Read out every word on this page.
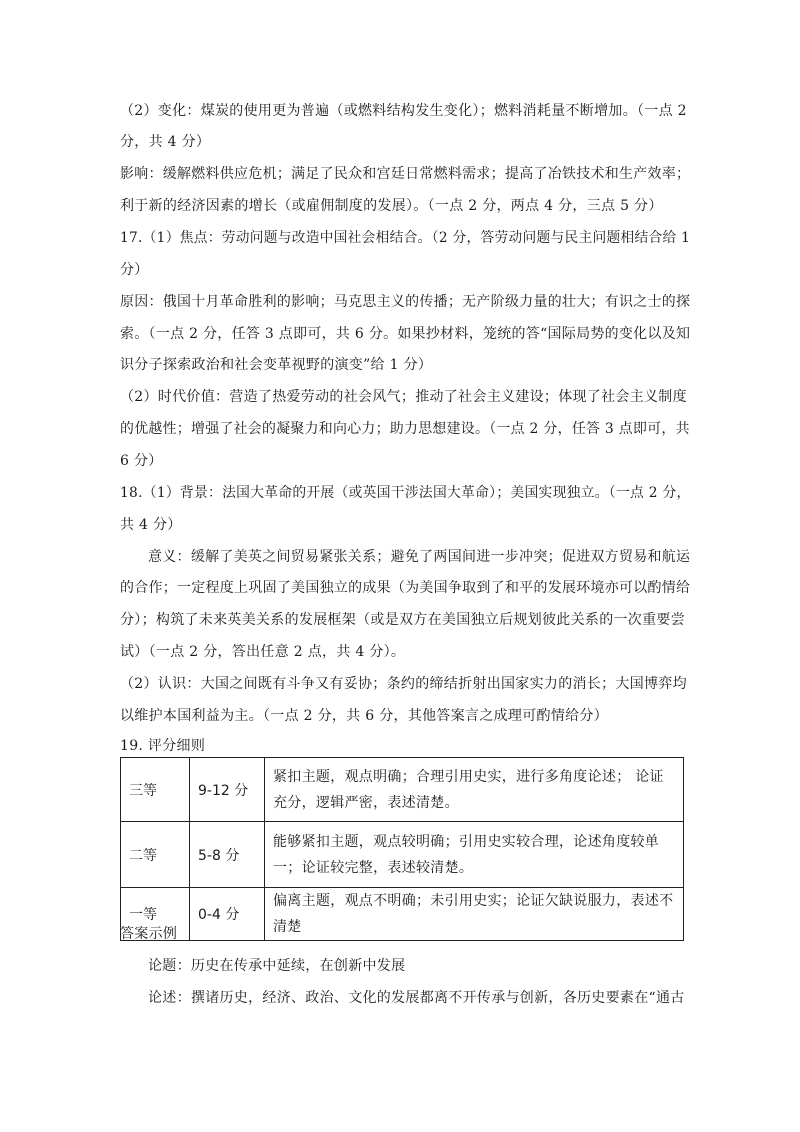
（2）变化：煤炭的使用更为普遍（或燃料结构发生变化）；燃料消耗量不断增加。（一点 2
分，共 4 分）
影响：缓解燃料供应危机；满足了民众和宫廷日常燃料需求；提高了冶铁技术和生产效率；
利于新的经济因素的增长（或雇佣制度的发展）。（一点 2 分，两点 4 分，三点 5 分）
17.（1）焦点：劳动问题与改造中国社会相结合。（2 分，答劳动问题与民主问题相结合给 1
分）
原因：俄国十月革命胜利的影响；马克思主义的传播；无产阶级力量的壮大；有识之士的探
索。（一点 2 分，任答 3 点即可，共 6 分。如果抄材料，笼统的答“国际局势的变化以及知
识分子探索政治和社会变革视野的演变”给 1 分）
（2）时代价值：营造了热爱劳动的社会风气；推动了社会主义建设；体现了社会主义制度
的优越性；增强了社会的凝聚力和向心力；助力思想建设。（一点 2 分，任答 3 点即可，共
6 分）
18.（1）背景：法国大革命的开展（或英国干涉法国大革命）；美国实现独立。（一点 2 分，
共 4 分）
意义：缓解了美英之间贸易紧张关系；避免了两国间进一步冲突；促进双方贸易和航运
的合作；一定程度上巩固了美国独立的成果（为美国争取到了和平的发展环境亦可以酌情给
分）；构筑了未来英美关系的发展框架（或是双方在美国独立后规划彼此关系的一次重要尝
试）（一点 2 分，答出任意 2 点，共 4 分）。
（2）认识：大国之间既有斗争又有妥协；条约的缔结折射出国家实力的消长；大国博弈均
以维护本国利益为主。（一点 2 分，共 6 分，其他答案言之成理可酌情给分）
19. 评分细则
三等	9-12 分	紧扣主题，观点明确；合理引用史实，进行多角度论述； 论证充分，逻辑严密，表述清楚。
二等	5-8 分	能够紧扣主题，观点较明确；引用史实较合理，论述角度较单一；论证较完整，表述较清楚。
一等	0-4 分	偏离主题，观点不明确；未引用史实；论证欠缺说服力，表述不清楚
答案示例
论题：历史在传承中延续，在创新中发展
论述：撰诸历史，经济、政治、文化的发展都离不开传承与创新，各历史要素在“通古
